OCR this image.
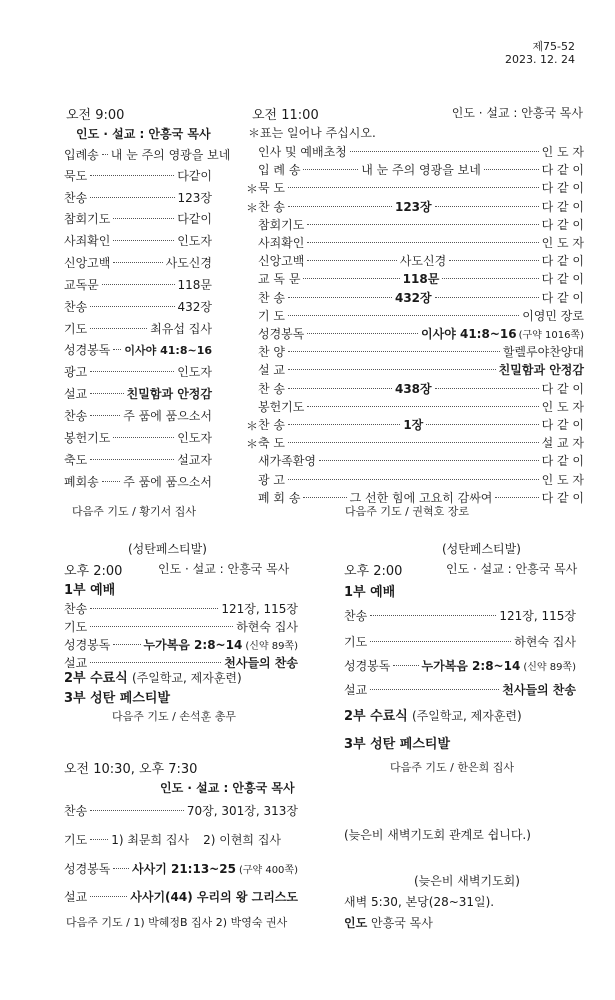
제75-52
2023. 12. 24
오전 9:00
인도 · 설교 : 안흥국 목사
입례송 내 눈 주의 영광을 보네
묵도	다같이
찬송	123장
참회기도	다같이
사죄확인	인도자
신앙고백	사도신경
교독문	118문
찬송	432장
기도	최유섭 집사
성경봉독 이사야 41:8~16
광고	인도자
설교	친밀함과 안정감
찬송	주 품에 품으소서
봉헌기도	인도자
축도	설교자
폐회송 주 품에 품으소서
다음주 기도 / 황기서 집사
오전 11:00	인도 · 설교 : 안흥국 목사
＊표는 일어나 주십시오.
인사 및 예배초청	인 도 자
입 례 송	내 눈 주의 영광을 보네	다 같 이
＊ 묵 도	다 같 이
＊ 찬 송	123장	다 같 이
참회기도	다 같 이
사죄확인	인 도 자
신앙고백	사도신경	다 같 이
교 독 문	118문	다 같 이
찬 송	432장	다 같 이
기 도	이영민 장로
성경봉독	이사야 41:8~16 (구약 1016쪽)
찬 양	할렐루야찬양대
설 교	친밀함과 안정감
찬 송	438장	다 같 이
봉헌기도	인 도 자
＊ 찬 송	1장	다 같 이
＊ 축 도	설 교 자
새가족환영	다 같 이
광 고	인 도 자
폐 회 송	그 선한 힘에 고요히 감싸여	다 같 이
다음주 기도 / 권혁호 장로
(성탄페스티발)
오후 2:00	인도 · 설교 : 안흥국 목사
1부 예배
찬송	121장, 115장
기도	하현숙 집사
성경봉독	누가복음 2:8~14 (신약 89쪽)
설교	천사들의 찬송
2부 수료식 (주일학교, 제자훈련)
3부 성탄 페스티발
다음주 기도 / 손석훈 총무
(성탄페스티발)
오후 2:00	인도 · 설교 : 안흥국 목사
1부 예배
찬송	121장, 115장
기도	하현숙 집사
성경봉독	누가복음 2:8~14 (신약 89쪽)
설교	천사들의 찬송
2부 수료식 (주일학교, 제자훈련)
3부 성탄 페스티발
다음주 기도 / 한은희 집사
오전 10:30, 오후 7:30
인도 · 설교 : 안흥국 목사
찬송	70장, 301장, 313장
기도 1) 최문희 집사 2) 이현희 집사
성경봉독 사사기 21:13~25 (구약 400쪽)
설교	사사기(44) 우리의 왕 그리스도
다음주 기도 / 1) 박혜정B 집사 2) 박영숙 권사
(늦은비 새벽기도회 관계로 쉽니다.)
(늦은비 새벽기도회)
새벽 5:30, 본당(28~31일).
인도 안흥국 목사
